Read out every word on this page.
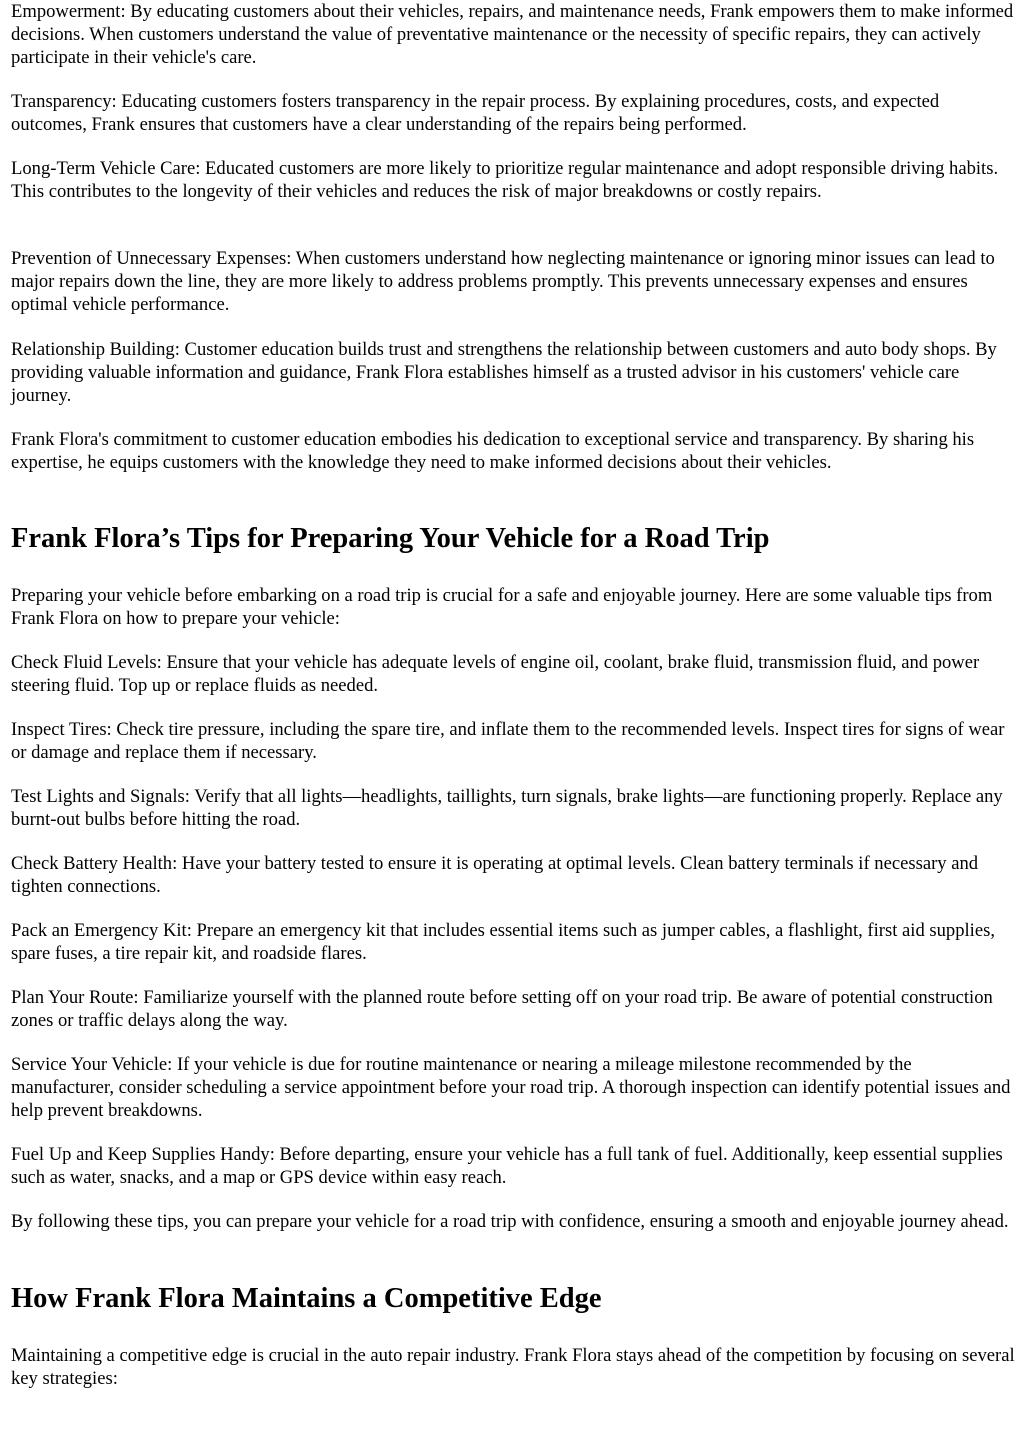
Empowerment: By educating customers about their vehicles, repairs, and maintenance needs, Frank empowers them to make informed decisions. When customers understand the value of preventative maintenance or the necessity of specific repairs, they can actively participate in their vehicle's care.

Transparency: Educating customers fosters transparency in the repair process. By explaining procedures, costs, and expected outcomes, Frank ensures that customers have a clear understanding of the repairs being performed.

Long-Term Vehicle Care: Educated customers are more likely to prioritize regular maintenance and adopt responsible driving habits. This contributes to the longevity of their vehicles and reduces the risk of major breakdowns or costly repairs.

Prevention of Unnecessary Expenses: When customers understand how neglecting maintenance or ignoring minor issues can lead to major repairs down the line, they are more likely to address problems promptly. This prevents unnecessary expenses and ensures optimal vehicle performance.

Relationship Building: Customer education builds trust and strengthens the relationship between customers and auto body shops. By providing valuable information and guidance, Frank Flora establishes himself as a trusted advisor in his customers' vehicle care journey.

Frank Flora's commitment to customer education embodies his dedication to exceptional service and transparency. By sharing his expertise, he equips customers with the knowledge they need to make informed decisions about their vehicles.

Frank Flora’s Tips for Preparing Your Vehicle for a Road Trip

Preparing your vehicle before embarking on a road trip is crucial for a safe and enjoyable journey. Here are some valuable tips from Frank Flora on how to prepare your vehicle:

Check Fluid Levels: Ensure that your vehicle has adequate levels of engine oil, coolant, brake fluid, transmission fluid, and power steering fluid. Top up or replace fluids as needed.

Inspect Tires: Check tire pressure, including the spare tire, and inflate them to the recommended levels. Inspect tires for signs of wear or damage and replace them if necessary.

Test Lights and Signals: Verify that all lights—headlights, taillights, turn signals, brake lights—are functioning properly. Replace any burnt-out bulbs before hitting the road.

Check Battery Health: Have your battery tested to ensure it is operating at optimal levels. Clean battery terminals if necessary and tighten connections.

Pack an Emergency Kit: Prepare an emergency kit that includes essential items such as jumper cables, a flashlight, first aid supplies, spare fuses, a tire repair kit, and roadside flares.

Plan Your Route: Familiarize yourself with the planned route before setting off on your road trip. Be aware of potential construction zones or traffic delays along the way.

Service Your Vehicle: If your vehicle is due for routine maintenance or nearing a mileage milestone recommended by the manufacturer, consider scheduling a service appointment before your road trip. A thorough inspection can identify potential issues and help prevent breakdowns.

Fuel Up and Keep Supplies Handy: Before departing, ensure your vehicle has a full tank of fuel. Additionally, keep essential supplies such as water, snacks, and a map or GPS device within easy reach.

By following these tips, you can prepare your vehicle for a road trip with confidence, ensuring a smooth and enjoyable journey ahead.

How Frank Flora Maintains a Competitive Edge

Maintaining a competitive edge is crucial in the auto repair industry. Frank Flora stays ahead of the competition by focusing on several key strategies:
